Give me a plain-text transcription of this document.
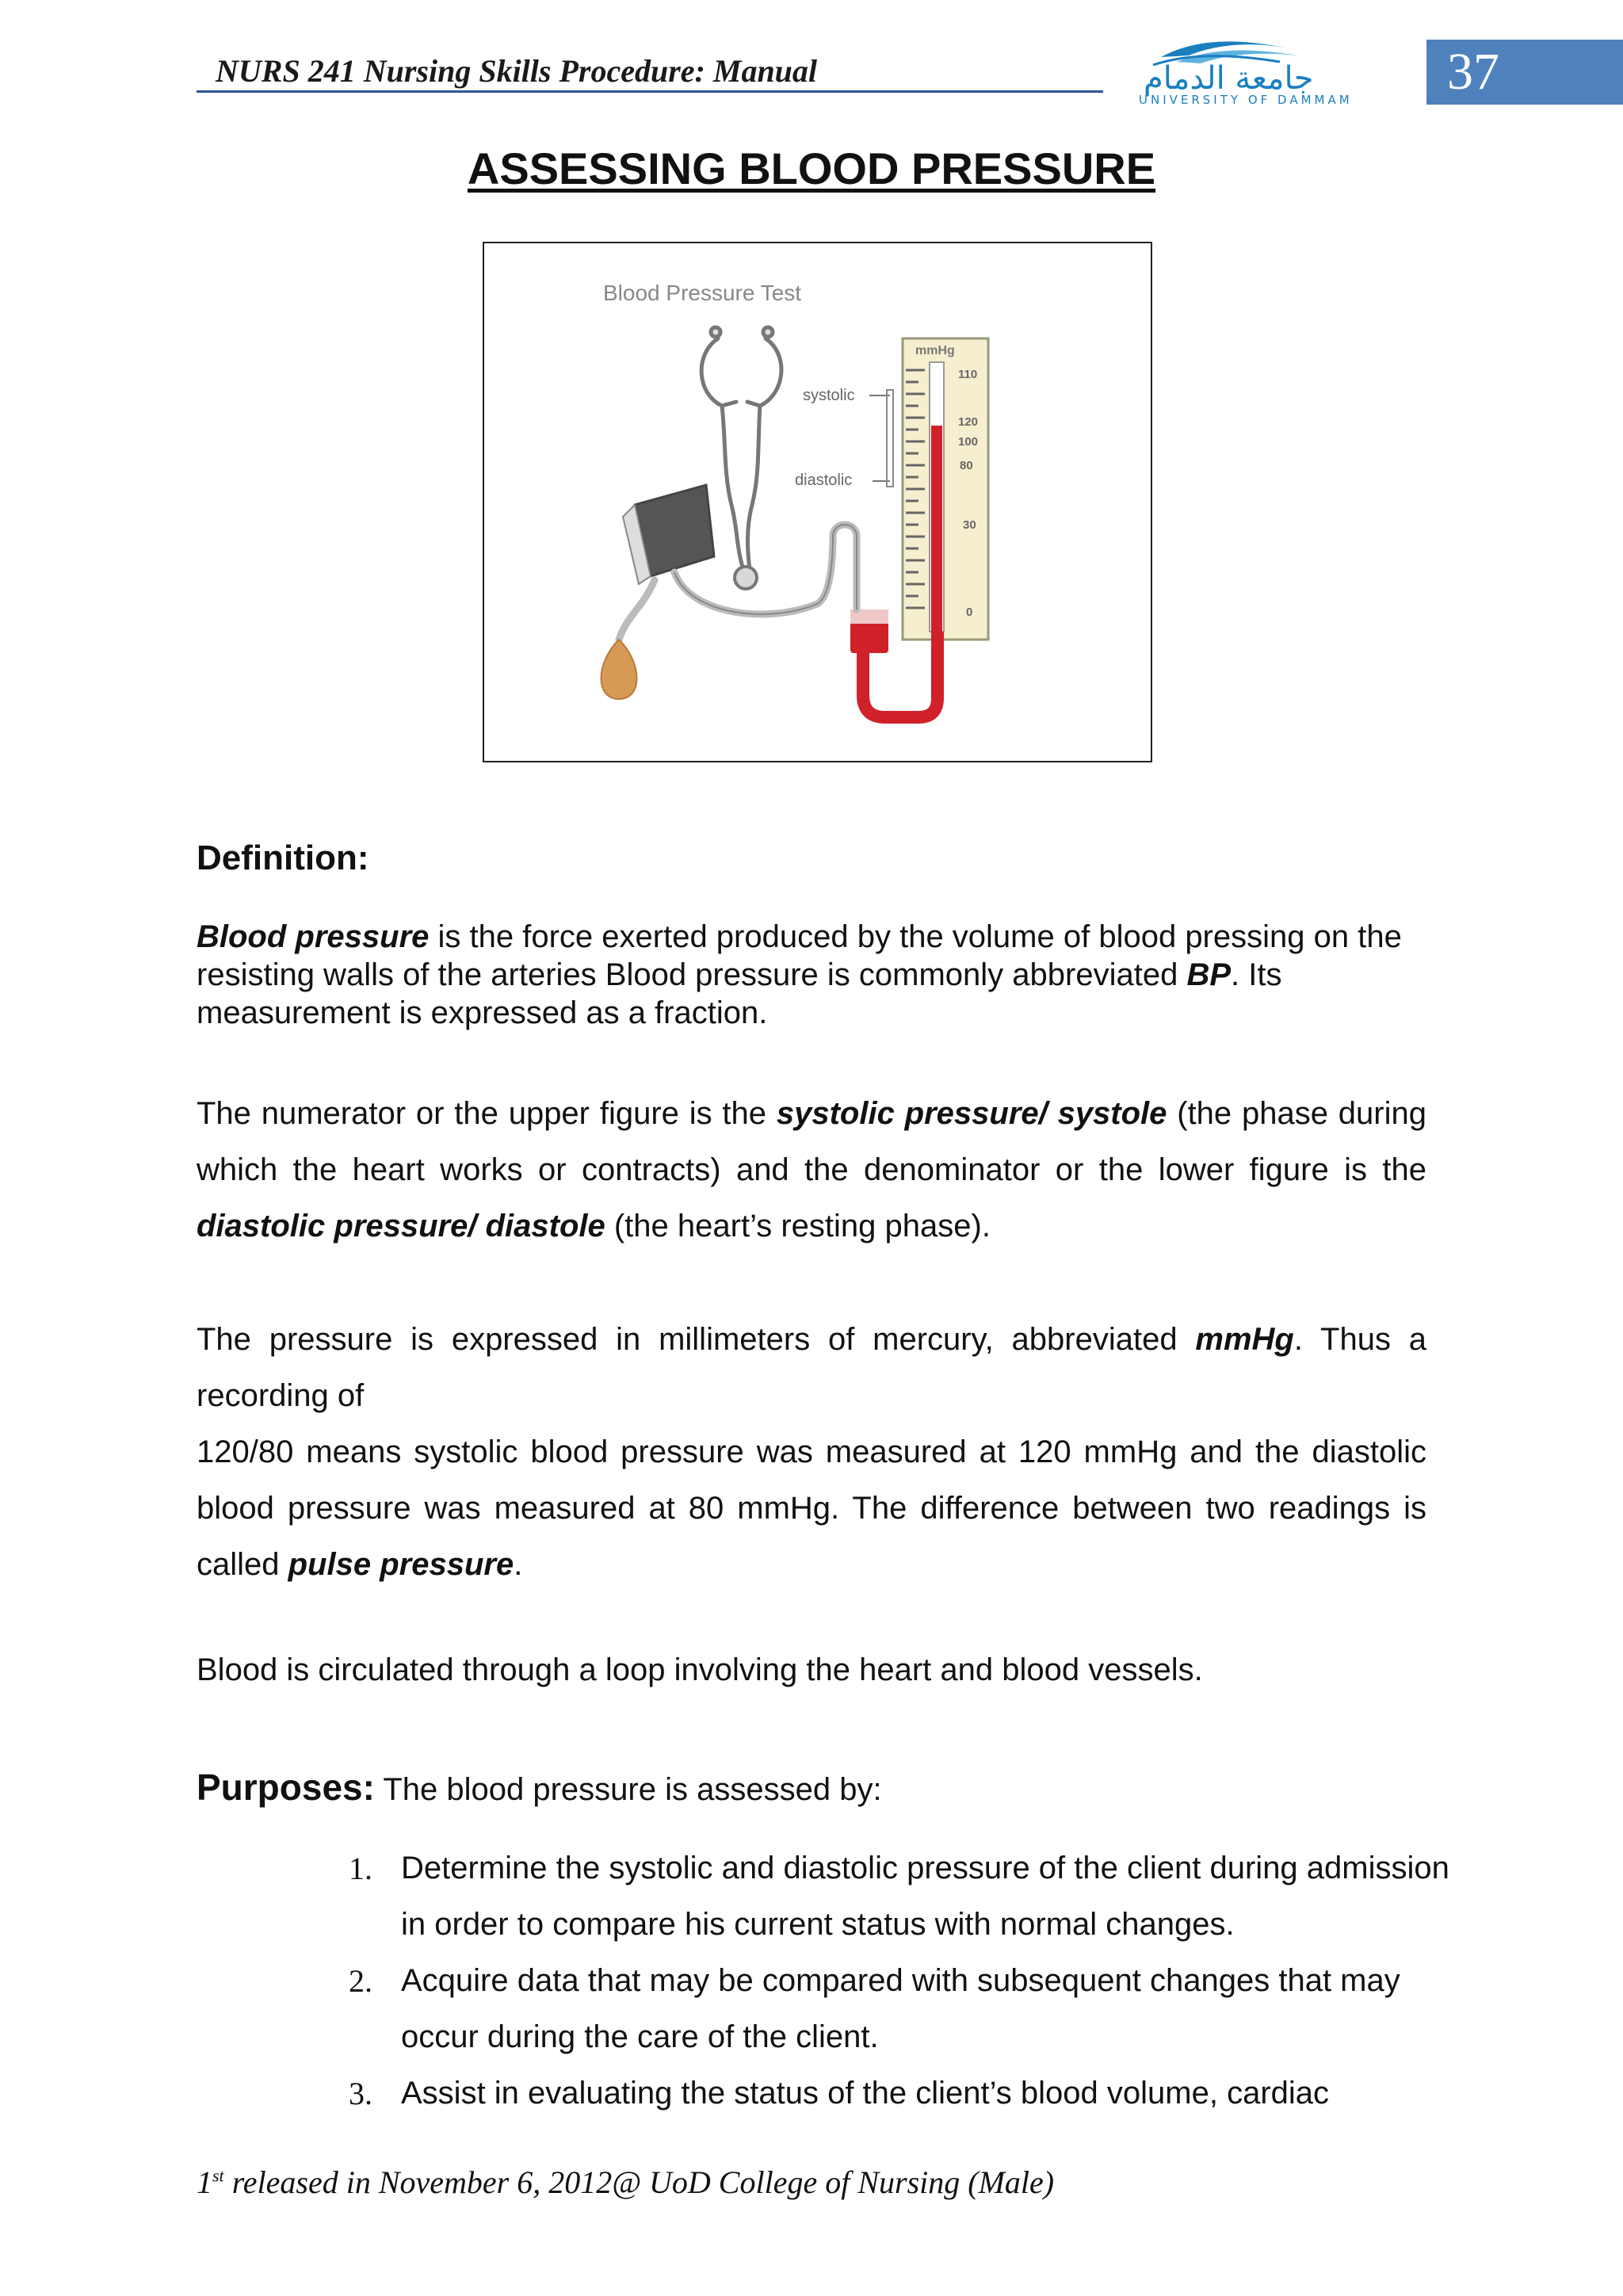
NURS 241 Nursing Skills Procedure: Manual	جامعة الدمام
UNIVERSITY OF DAMMAM	37
ASSESSING BLOOD PRESSURE
Blood Pressure Test
mmHg
110
120
100
80
30
0
systolic
diastolic
Definition:

Blood pressure is the force exerted produced by the volume of blood pressing on the resisting walls of the arteries Blood pressure is commonly abbreviated BP. Its measurement is expressed as a fraction.

The numerator or the upper figure is the systolic pressure/ systole (the phase during which the heart works or contracts) and the denominator or the lower figure is the diastolic pressure/ diastole (the heart’s resting phase).

The pressure is expressed in millimeters of mercury, abbreviated mmHg. Thus a recording of
120/80 means systolic blood pressure was measured at 120 mmHg and the diastolic blood pressure was measured at 80 mmHg. The difference between two readings is called pulse pressure.

Blood is circulated through a loop involving the heart and blood vessels.

Purposes: The blood pressure is assessed by:
1. Determine the systolic and diastolic pressure of the client during admission in order to compare his current status with normal changes.
2. Acquire data that may be compared with subsequent changes that may occur during the care of the client.
3. Assist in evaluating the status of the client’s blood volume, cardiac
1st released in November 6, 2012@ UoD College of Nursing (Male)
